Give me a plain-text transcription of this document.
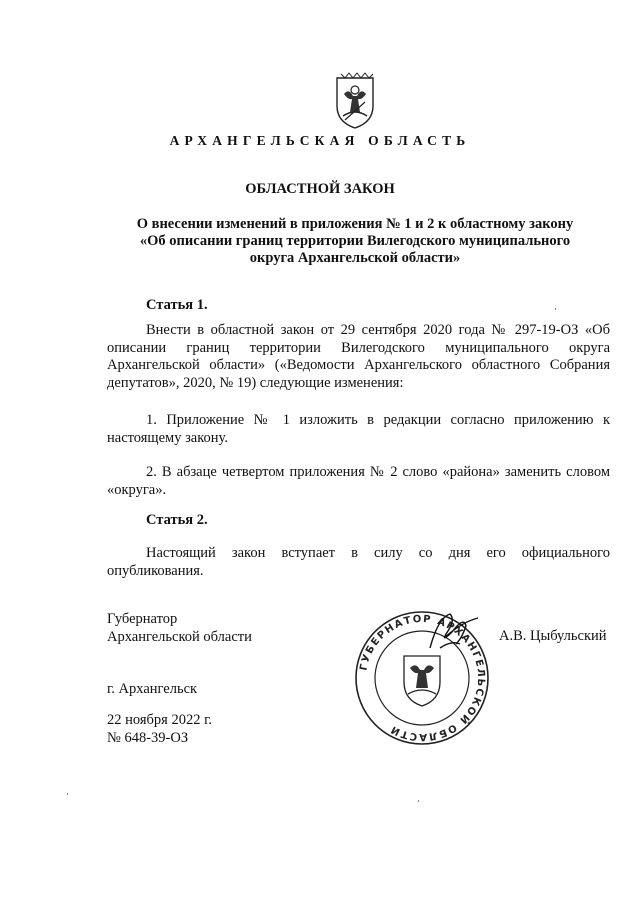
АРХАНГЕЛЬСКАЯ ОБЛАСТЬ
ОБЛАСТНОЙ ЗАКОН
О внесении изменений в приложения № 1 и 2 к областному закону
«Об описании границ территории Вилегодского муниципального
округа Архангельской области»
Статья 1.
Внести в областной закон от 29 сентября 2020 года № 297-19-ОЗ «Об описании границ территории Вилегодского муниципального округа Архангельской области» («Ведомости Архангельского областного Собрания депутатов», 2020, № 19) следующие изменения:
1. Приложение № 1 изложить в редакции согласно приложению к настоящему закону.
2. В абзаце четвертом приложения № 2 слово «района» заменить словом «округа».
Статья 2.
Настоящий закон вступает в силу со дня его официального опубликования.
Губернатор
Архангельской области
ГУБЕРНАТОР АРХАНГЕЛЬСКОЙ ОБЛАСТИ
А.В. Цыбульский
г. Архангельск
22 ноября 2022 г.
№ 648-39-ОЗ
